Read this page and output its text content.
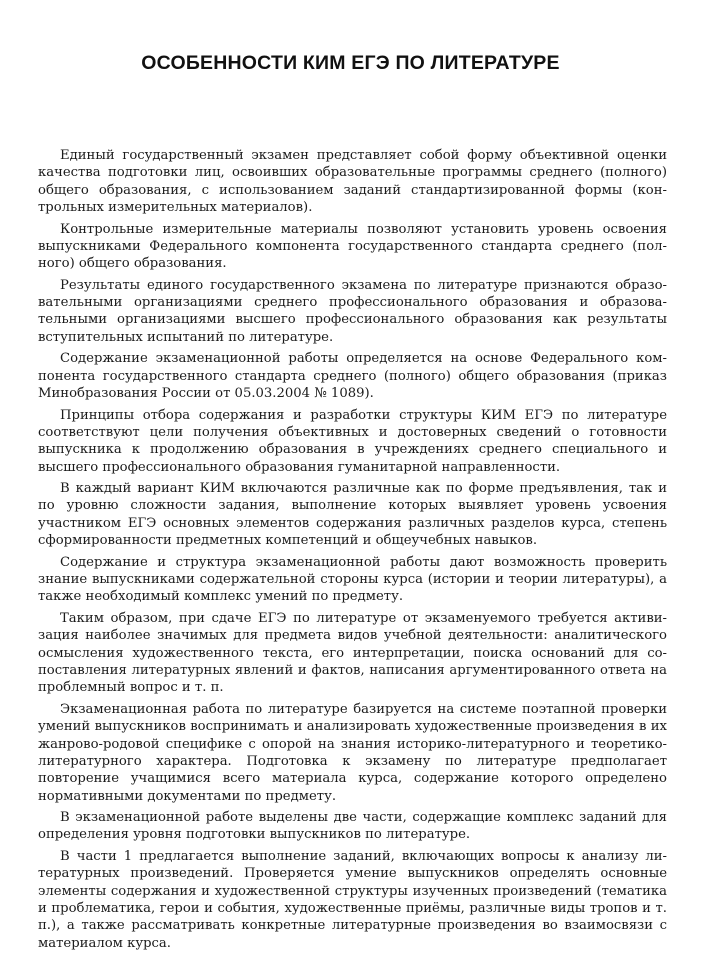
ОСОБЕННОСТИ КИМ ЕГЭ ПО ЛИТЕРАТУРЕ

Единый государственный экзамен представляет собой форму объективной оценки качества подготовки лиц, освоивших образовательные программы среднего (полного) общего образования, с использованием заданий стандартизированной формы (контрольных измерительных материалов).

Контрольные измерительные материалы позволяют установить уровень освоения выпускниками Федерального компонента государственного стандарта среднего (полного) общего образования.

Результаты единого государственного экзамена по литературе признаются образовательными организациями среднего профессионального образования и образовательными организациями высшего профессионального образования как результаты вступительных испытаний по литературе.

Содержание экзаменационной работы определяется на основе Федерального компонента государственного стандарта среднего (полного) общего образования (приказ Минобразования России от 05.03.2004 № 1089).

Принципы отбора содержания и разработки структуры КИМ ЕГЭ по литературе соответствуют цели получения объективных и достоверных сведений о готовности выпускника к продолжению образования в учреждениях среднего специального и высшего профессионального образования гуманитарной направленности.

В каждый вариант КИМ включаются различные как по форме предъявления, так и по уровню сложности задания, выполнение которых выявляет уровень усвоения участником ЕГЭ основных элементов содержания различных разделов курса, степень сформированности предметных компетенций и общеучебных навыков.

Содержание и структура экзаменационной работы дают возможность проверить знание выпускниками содержательной стороны курса (истории и теории литературы), а также необходимый комплекс умений по предмету.

Таким образом, при сдаче ЕГЭ по литературе от экзаменуемого требуется активизация наиболее значимых для предмета видов учебной деятельности: аналитического осмысления художественного текста, его интерпретации, поиска оснований для сопоставления литературных явлений и фактов, написания аргументированного ответа на проблемный вопрос и т. п.

Экзаменационная работа по литературе базируется на системе поэтапной проверки умений выпускников воспринимать и анализировать художественные произведения в их жанрово-родовой специфике с опорой на знания историко-литературного и теоретико-литературного характера. Подготовка к экзамену по литературе предполагает повторение учащимися всего материала курса, содержание которого определено нормативными документами по предмету.

В экзаменационной работе выделены две части, содержащие комплекс заданий для определения уровня подготовки выпускников по литературе.

В части 1 предлагается выполнение заданий, включающих вопросы к анализу литературных произведений. Проверяется умение выпускников определять основные элементы содержания и художественной структуры изученных произведений (тематика и проблематика, герои и события, художественные приёмы, различные виды тропов и т. п.), а также рассматривать конкретные литературные произведения во взаимосвязи с материалом курса.
